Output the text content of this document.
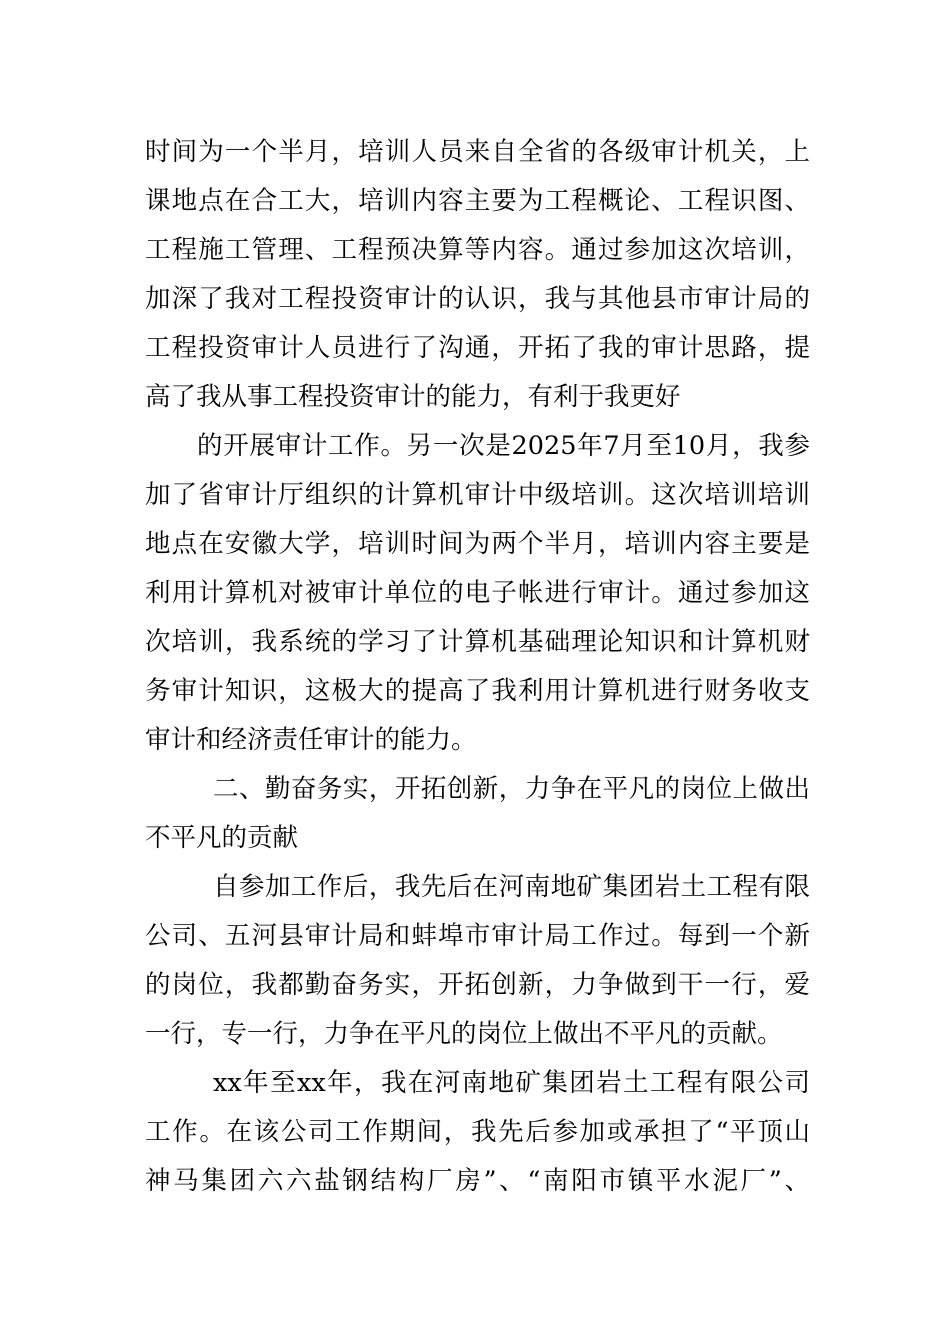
时间为一个半月，培训人员来自全省的各级审计机关，上
课地点在合工大，培训内容主要为工程概论、工程识图、
工程施工管理、工程预决算等内容。通过参加这次培训，
加深了我对工程投资审计的认识，我与其他县市审计局的
工程投资审计人员进行了沟通，开拓了我的审计思路，提
高了我从事工程投资审计的能力，有利于我更好
的开展审计工作。另一次是2025年7月至10月，我参
加了省审计厅组织的计算机审计中级培训。这次培训培训
地点在安徽大学，培训时间为两个半月，培训内容主要是
利用计算机对被审计单位的电子帐进行审计。通过参加这
次培训，我系统的学习了计算机基础理论知识和计算机财
务审计知识，这极大的提高了我利用计算机进行财务收支
审计和经济责任审计的能力。
二、勤奋务实，开拓创新，力争在平凡的岗位上做出
不平凡的贡献
自参加工作后，我先后在河南地矿集团岩土工程有限
公司、五河县审计局和蚌埠市审计局工作过。每到一个新
的岗位，我都勤奋务实，开拓创新，力争做到干一行，爱
一行，专一行，力争在平凡的岗位上做出不平凡的贡献。
xx年至xx年，我在河南地矿集团岩土工程有限公司
工作。在该公司工作期间，我先后参加或承担了“平顶山
神马集团六六盐钢结构厂房”、“南阳市镇平水泥厂”、
